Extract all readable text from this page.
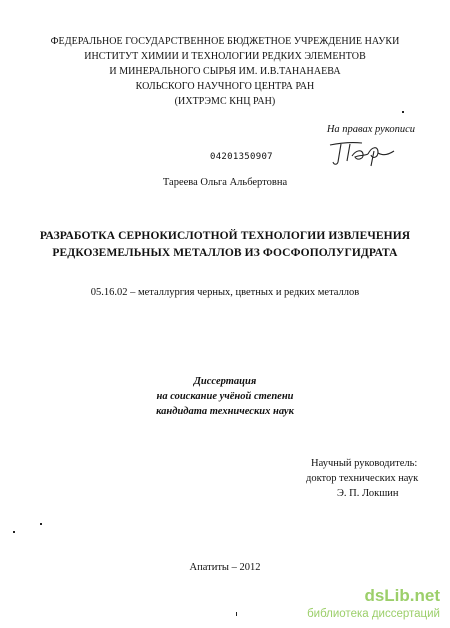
ФЕДЕРАЛЬНОЕ ГОСУДАРСТВЕННОЕ БЮДЖЕТНОЕ УЧРЕЖДЕНИЕ НАУКИ
ИНСТИТУТ ХИМИИ И ТЕХНОЛОГИИ РЕДКИХ ЭЛЕМЕНТОВ
И МИНЕРАЛЬНОГО СЫРЬЯ ИМ. И.В.ТАНАНАЕВА
КОЛЬСКОГО НАУЧНОГО ЦЕНТРА РАН
(ИХТРЭМС КНЦ РАН)
На правах рукописи
04201350907
Тареева Ольга Альбертовна
РАЗРАБОТКА СЕРНОКИСЛОТНОЙ ТЕХНОЛОГИИ ИЗВЛЕЧЕНИЯ
РЕДКОЗЕМЕЛЬНЫХ МЕТАЛЛОВ ИЗ ФОСФОПОЛУГИДРАТА
05.16.02 – металлургия черных, цветных и редких металлов
Диссертация
на соискание учёной степени
кандидата технических наук
Научный руководитель:
доктор технических наук
Э. П. Локшин
Апатиты – 2012
dsLib.net
библиотека диссертаций
